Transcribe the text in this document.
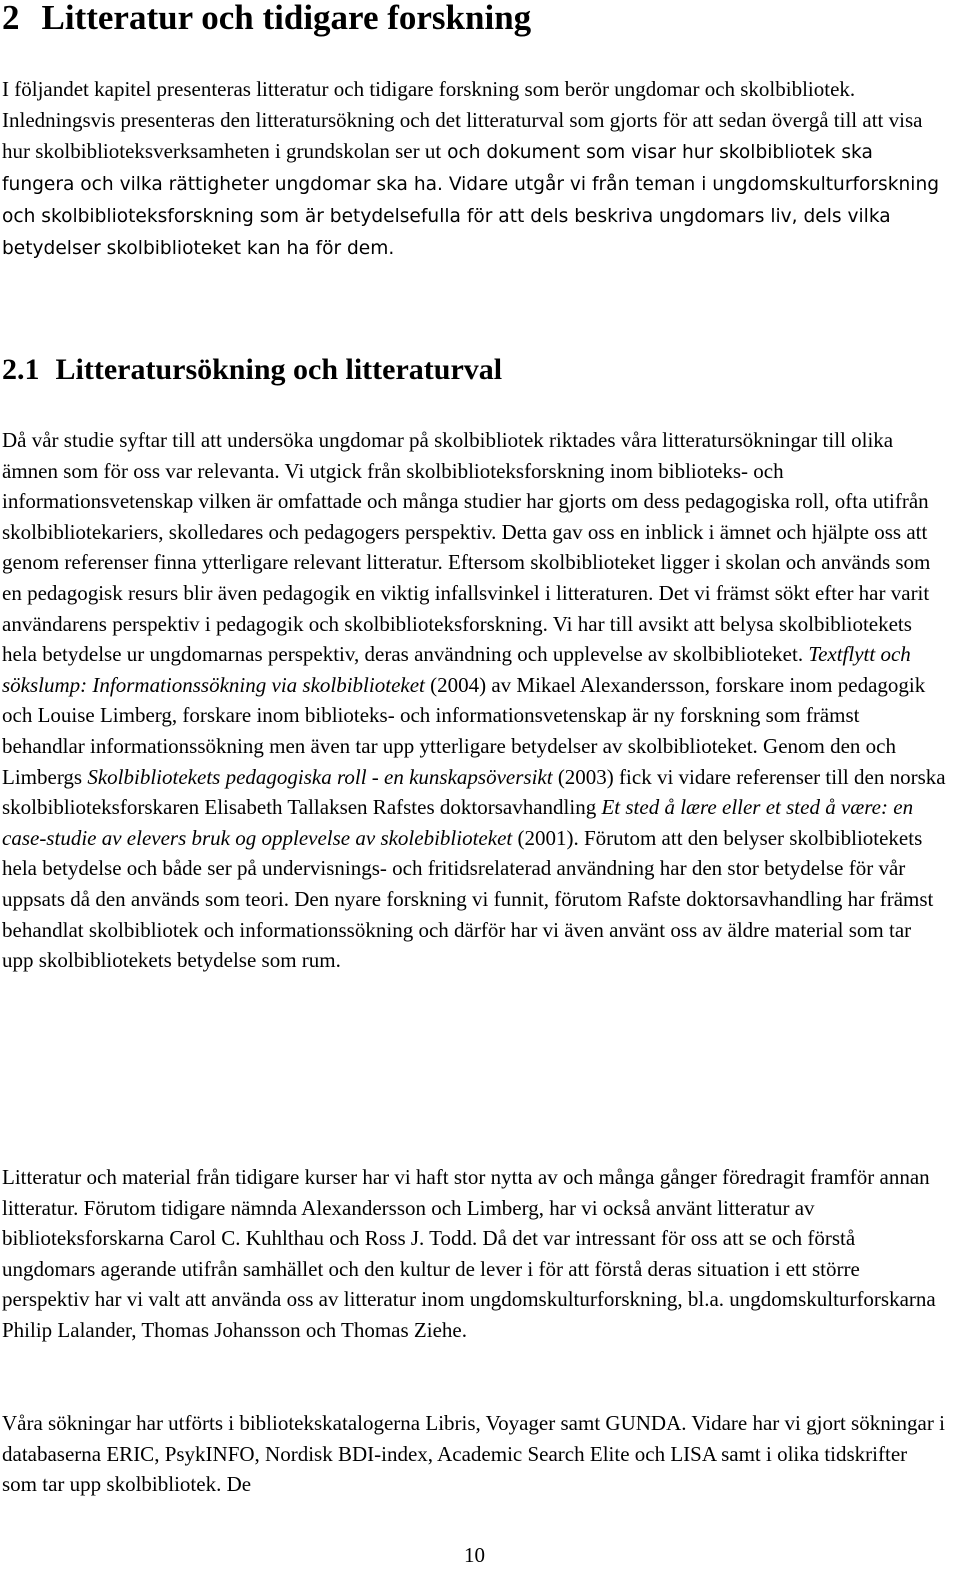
2 Litteratur och tidigare forskning

I följandet kapitel presenteras litteratur och tidigare forskning som berör ungdomar och skolbibliotek. Inledningsvis presenteras den litteratursökning och det litteraturval som gjorts för att sedan övergå till att visa hur skolbiblioteksverksamheten i grundskolan ser ut och dokument som visar hur skolbibliotek ska fungera och vilka rättigheter ungdomar ska ha. Vidare utgår vi från teman i ungdomskulturforskning och skolbiblioteksforskning som är betydelsefulla för att dels beskriva ungdomars liv, dels vilka betydelser skolbiblioteket kan ha för dem.

2.1 Litteratursökning och litteraturval

Då vår studie syftar till att undersöka ungdomar på skolbibliotek riktades våra litteratursökningar till olika ämnen som för oss var relevanta. Vi utgick från skolbiblioteksforskning inom biblioteks- och informationsvetenskap vilken är omfattade och många studier har gjorts om dess pedagogiska roll, ofta utifrån skolbibliotekariers, skolledares och pedagogers perspektiv. Detta gav oss en inblick i ämnet och hjälpte oss att genom referenser finna ytterligare relevant litteratur. Eftersom skolbiblioteket ligger i skolan och används som en pedagogisk resurs blir även pedagogik en viktig infallsvinkel i litteraturen. Det vi främst sökt efter har varit användarens perspektiv i pedagogik och skolbiblioteksforskning. Vi har till avsikt att belysa skolbibliotekets hela betydelse ur ungdomarnas perspektiv, deras användning och upplevelse av skolbiblioteket. Textflytt och sökslump: Informationssökning via skolbiblioteket (2004) av Mikael Alexandersson, forskare inom pedagogik och Louise Limberg, forskare inom biblioteks- och informationsvetenskap är ny forskning som främst behandlar informationssökning men även tar upp ytterligare betydelser av skolbiblioteket. Genom den och Limbergs Skolbibliotekets pedagogiska roll - en kunskapsöversikt (2003) fick vi vidare referenser till den norska skolbiblioteksforskaren Elisabeth Tallaksen Rafstes doktorsavhandling Et sted å lære eller et sted å være: en case-studie av elevers bruk og opplevelse av skolebiblioteket (2001). Förutom att den belyser skolbibliotekets hela betydelse och både ser på undervisnings- och fritidsrelaterad användning har den stor betydelse för vår uppsats då den används som teori. Den nyare forskning vi funnit, förutom Rafste doktorsavhandling har främst behandlat skolbibliotek och informationssökning och därför har vi även använt oss av äldre material som tar upp skolbibliotekets betydelse som rum.

Litteratur och material från tidigare kurser har vi haft stor nytta av och många gånger föredragit framför annan litteratur. Förutom tidigare nämnda Alexandersson och Limberg, har vi också använt litteratur av biblioteksforskarna Carol C. Kuhlthau och Ross J. Todd. Då det var intressant för oss att se och förstå ungdomars agerande utifrån samhället och den kultur de lever i för att förstå deras situation i ett större perspektiv har vi valt att använda oss av litteratur inom ungdomskulturforskning, bl.a. ungdomskulturforskarna Philip Lalander, Thomas Johansson och Thomas Ziehe.

Våra sökningar har utförts i bibliotekskatalogerna Libris, Voyager samt GUNDA. Vidare har vi gjort sökningar i databaserna ERIC, PsykINFO, Nordisk BDI-index, Academic Search Elite och LISA samt i olika tidskrifter som tar upp skolbibliotek. De

10
